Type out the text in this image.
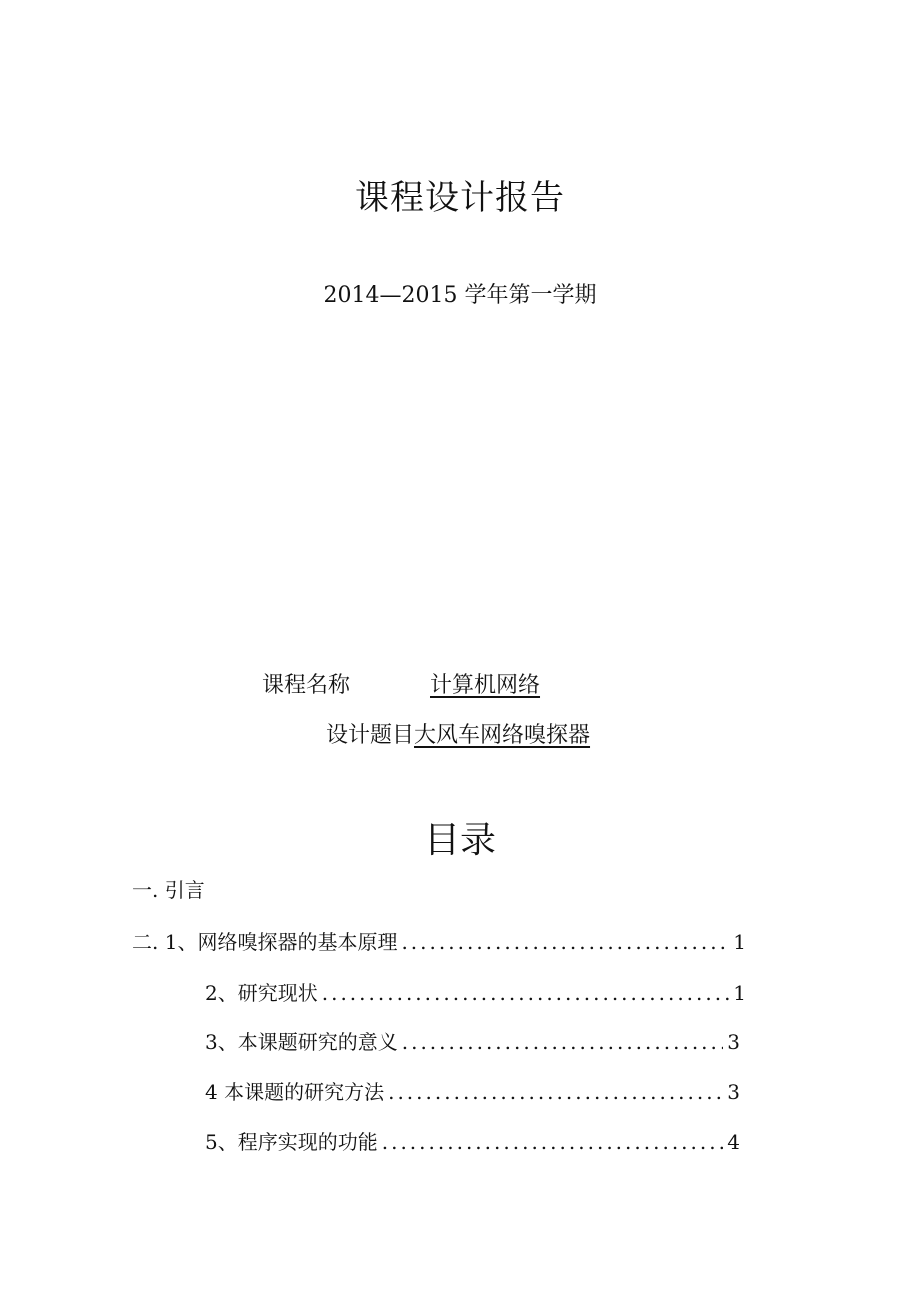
课程设计报告
2014—2015 学年第一学期
课程名称	计算机网络
设计题目大风车网络嗅探器
目录
一. 引言
二. 1、网络嗅探器的基本原理 .....	1
2、研究现状 .....	1
3、本课题研究的意义 .....	3
4 本课题的研究方法 .....	3
5、程序实现的功能 .....	4
